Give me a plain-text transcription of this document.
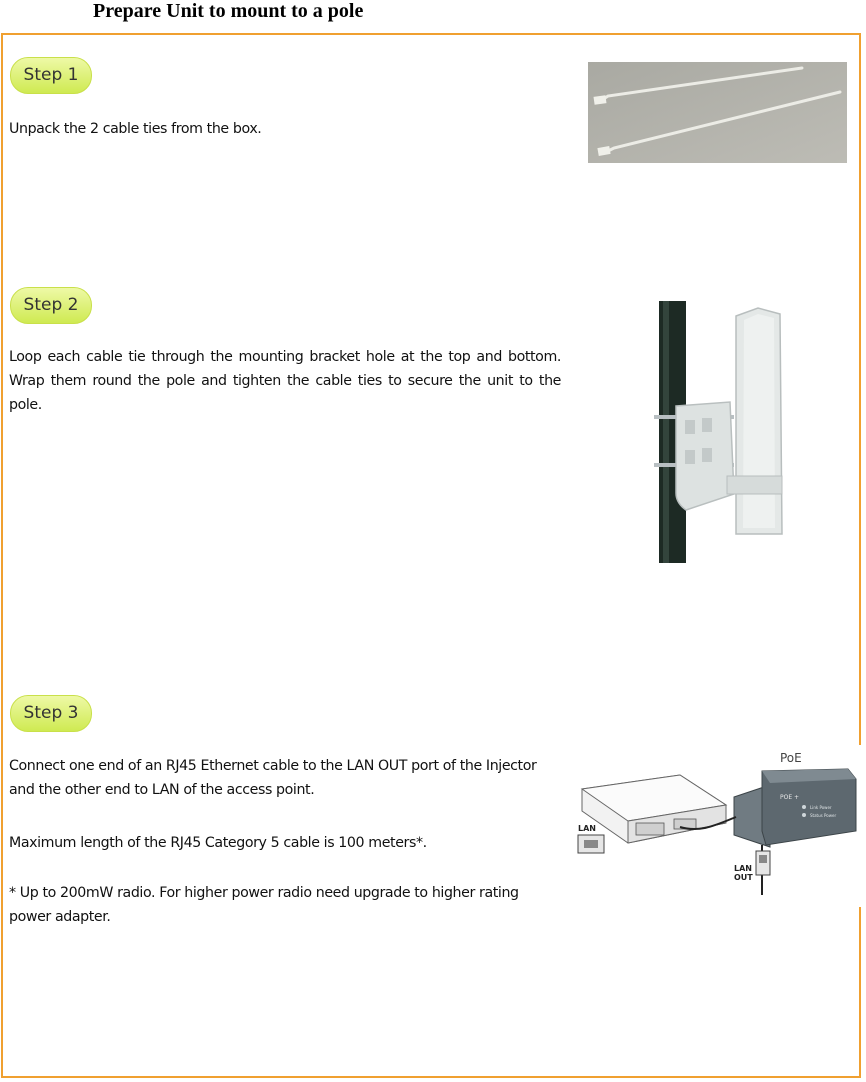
Prepare Unit to mount to a pole
Step 1

Unpack the 2 cable ties from the box.

Step 2

Loop each cable tie through the mounting bracket hole at the top and bottom. Wrap them round the pole and tighten the cable ties to secure the unit to the pole.

Step 3

Connect one end of an RJ45 Ethernet cable to the LAN OUT port of the Injector and the other end to LAN of the access point.

Maximum length of the RJ45 Category 5 cable is 100 meters*.

* Up to 200mW radio. For higher power radio need upgrade to higher rating power adapter.

PoE
POE +
Link Power
Status Power
LAN
LAN OUT
